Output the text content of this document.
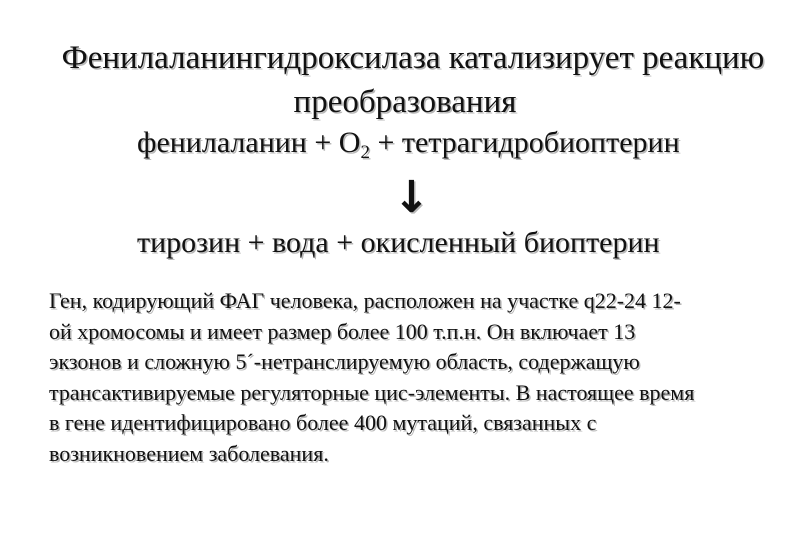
Фенилаланингидроксилаза катализирует реакцию
преобразования
фенилаланин + $О_2$ + тетрагидробиоптерин
↓
тирозин + вода + окисленный биоптерин
Ген, кодирующий ФАГ человека, расположен на участке q22-24 12-
ой хромосомы и имеет размер более 100 т.п.н. Он включает 13
экзонов и сложную 5´-нетранслируемую область, содержащую
трансактивируемые регуляторные цис-элементы. В настоящее время
в гене идентифицировано более 400 мутаций, связанных с
возникновением заболевания.
